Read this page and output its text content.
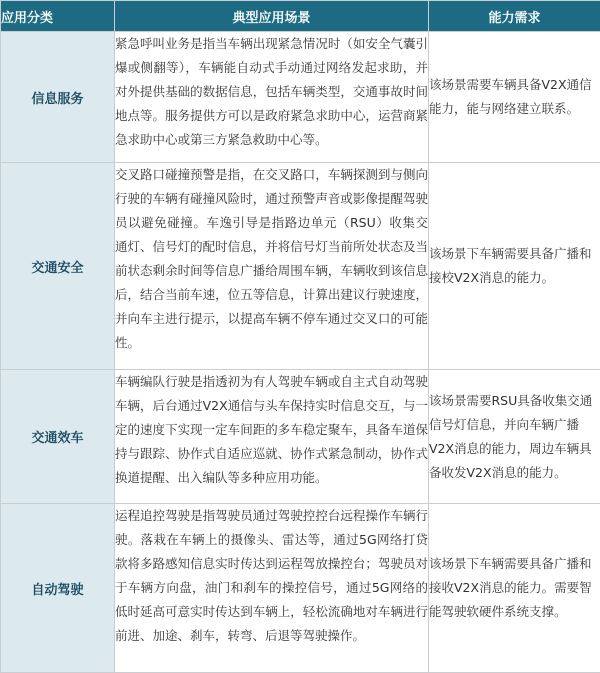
应用分类	典型应用场景	能力需求
信息服务	紧急呼叫业务是指当车辆出现紧急情况时（如安全气囊引爆或侧翻等），车辆能自动式手动通过网络发起求助，并对外提供基础的数据信息，包括车辆类型，交通事故时间地点等。服务提供方可以是政府紧急求助中心，运营商紧急求助中心或第三方紧急救助中心等。	该场景需要车辆具备V2X通信能力，能与网络建立联系。
交通安全	交叉路口碰撞预警是指，在交叉路口，车辆探测到与侧向行驶的车辆有碰撞风险时，通过预警声音或影像提醒驾驶员以避免碰撞。车逸引导是指路边单元（RSU）收集交通灯、信号灯的配时信息，并将信号灯当前所处状态及当前状态剩余时间等信息广播给周围车辆，车辆收到该信息后，结合当前车速，位五等信息，计算出建议行驶速度，并向车主进行提示，以提高车辆不停车通过交叉口的可能性。	该场景下车辆需要具备广播和接校V2X消息的能力。
交通效车	车辆编队行驶是指透初为有人驾驶车辆或自主式自动驾驶车辆，后台通过V2X通信与头车保持实时信息交互，与一定的速度下实现一定车间距的多车稳定聚车，具备车道保持与跟踪、协作式自适应巡就、协作式紧急制动，协作式换道提醒、出入编队等多种应用功能。	该场景需要RSU具备收集交通信号灯信息，并向车辆广播V2X消息的能力，周边车辆具备收发V2X消息的能力。
自动驾驶	运程追控驾驶是指驾驶员通过驾驶控控台远程操作车辆行驶。落栽在车辆上的摄像头、雷达等，通过5G网络打贷款将多路感知信息实时传达到运程驾放操控台；驾驶员对于车辆方向盘，油门和刹车的操控信号，通过5G网络的低时延高可意实时传达到车辆上，轻松流确地对车辆进行前进、加途、刹车，转弯、后退等驾驶操作。	该场景下车辆需要具备广播和接收V2X消息的能力。需要智能驾驶软硬件系统支撑。
